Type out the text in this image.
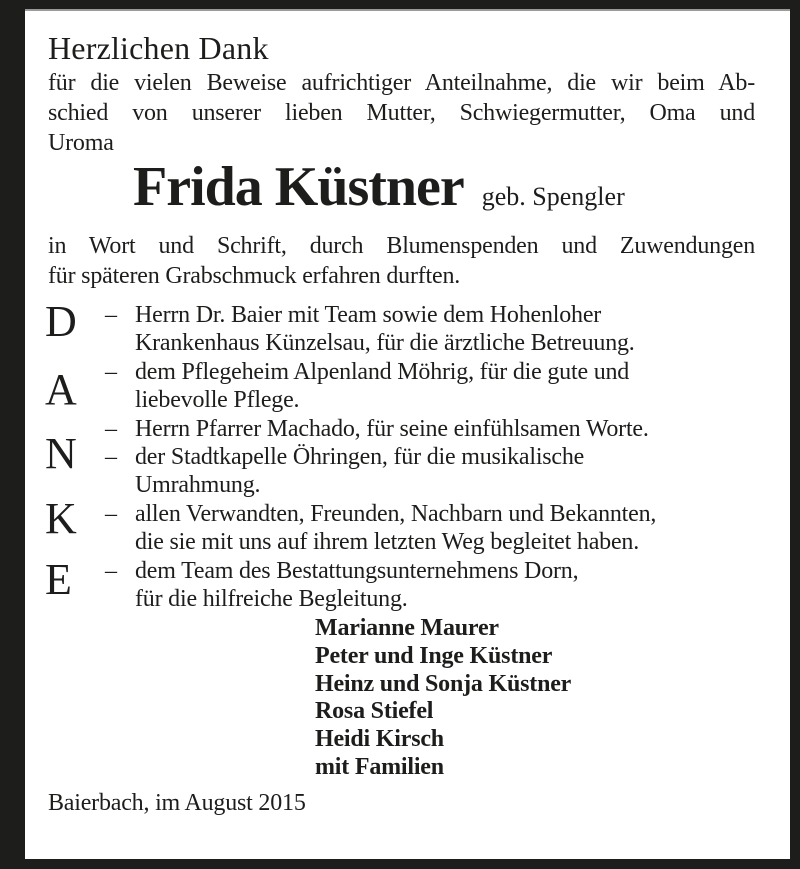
Herzlichen Dank
für die vielen Beweise aufrichtiger Anteilnahme, die wir beim Ab-
schied von unserer lieben Mutter, Schwiegermutter, Oma und
Uroma
Frida Küstner geb. Spengler
in Wort und Schrift, durch Blumenspenden und Zuwendungen
für späteren Grabschmuck erfahren durften.
D
A
N
K
E
– Herrn Dr. Baier mit Team sowie dem Hohenloher
Krankenhaus Künzelsau, für die ärztliche Betreuung.
– dem Pflegeheim Alpenland Möhrig, für die gute und
liebevolle Pflege.
– Herrn Pfarrer Machado, für seine einfühlsamen Worte.
– der Stadtkapelle Öhringen, für die musikalische
Umrahmung.
– allen Verwandten, Freunden, Nachbarn und Bekannten,
die sie mit uns auf ihrem letzten Weg begleitet haben.
– dem Team des Bestattungsunternehmens Dorn,
für die hilfreiche Begleitung.
Marianne Maurer
Peter und Inge Küstner
Heinz und Sonja Küstner
Rosa Stiefel
Heidi Kirsch
mit Familien
Baierbach, im August 2015
